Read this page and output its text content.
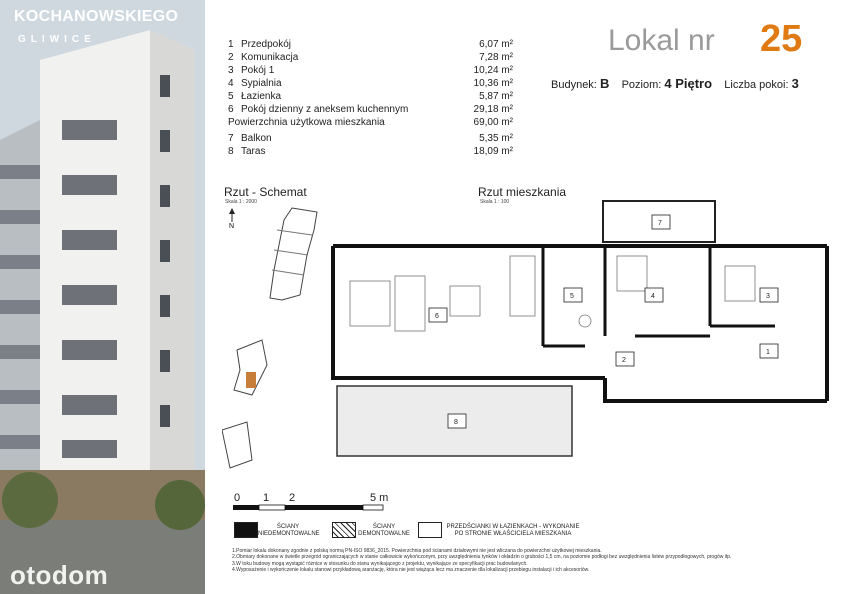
KOCHANOWSKIEGO
GLIWICE
otodom
1 Przedpokój	6,07 m²
2 Komunikacja	7,28 m²
3 Pokój 1	10,24 m²
4 Sypialnia	10,36 m²
5 Łazienka	5,87 m²
6 Pokój dzienny z aneksem kuchennym	29,18 m²
Powierzchnia użytkowa mieszkania	69,00 m²
7 Balkon	5,35 m²
8 Taras	18,09 m²
Lokal nr 25
Budynek: B Poziom: 4 Piętro Liczba pokoi: 3
Rzut - Schemat
Skala 1 : 2000
Rzut mieszkania
Skala 1 : 100
N
6
5	4	3
2
1
7
8
0 1 2	5 m
ŚCIANY NIEDEMONTOWALNE
ŚCIANY DEMONTOWALNE
PRZEDŚCIANKI W ŁAZIENKACH - WYKONANIE PO STRONIE WŁAŚCICIELA MIESZKANIA
1.Pomiar lokalu dokonany zgodnie z polską normą PN-ISO 9836_2015. Powierzchnia pod ścianami działowymi nie jest wliczana do powierzchni użytkowej mieszkania.
2.Obmiary dokonane w świetle przegród ograniczających w stanie całkowicie wykończonym, przy uwzględnieniu tynków i okładzin o grubości 1,5 cm, na poziomie podłogi bez uwzględnienia listew przypodłogowych, progów itp.
3.W toku budowy mogą wystąpić różnice w stosunku do stanu wynikającego z projektu, wynikające ze specyfikacji prac budowlanych.
4.Wyposażenie i wykończenie lokalu stanowi przykładową aranżację, która nie jest wiążąca lecz ma znaczenie dla lokalizacji przebiegu instalacji i ich akcesoriów.
